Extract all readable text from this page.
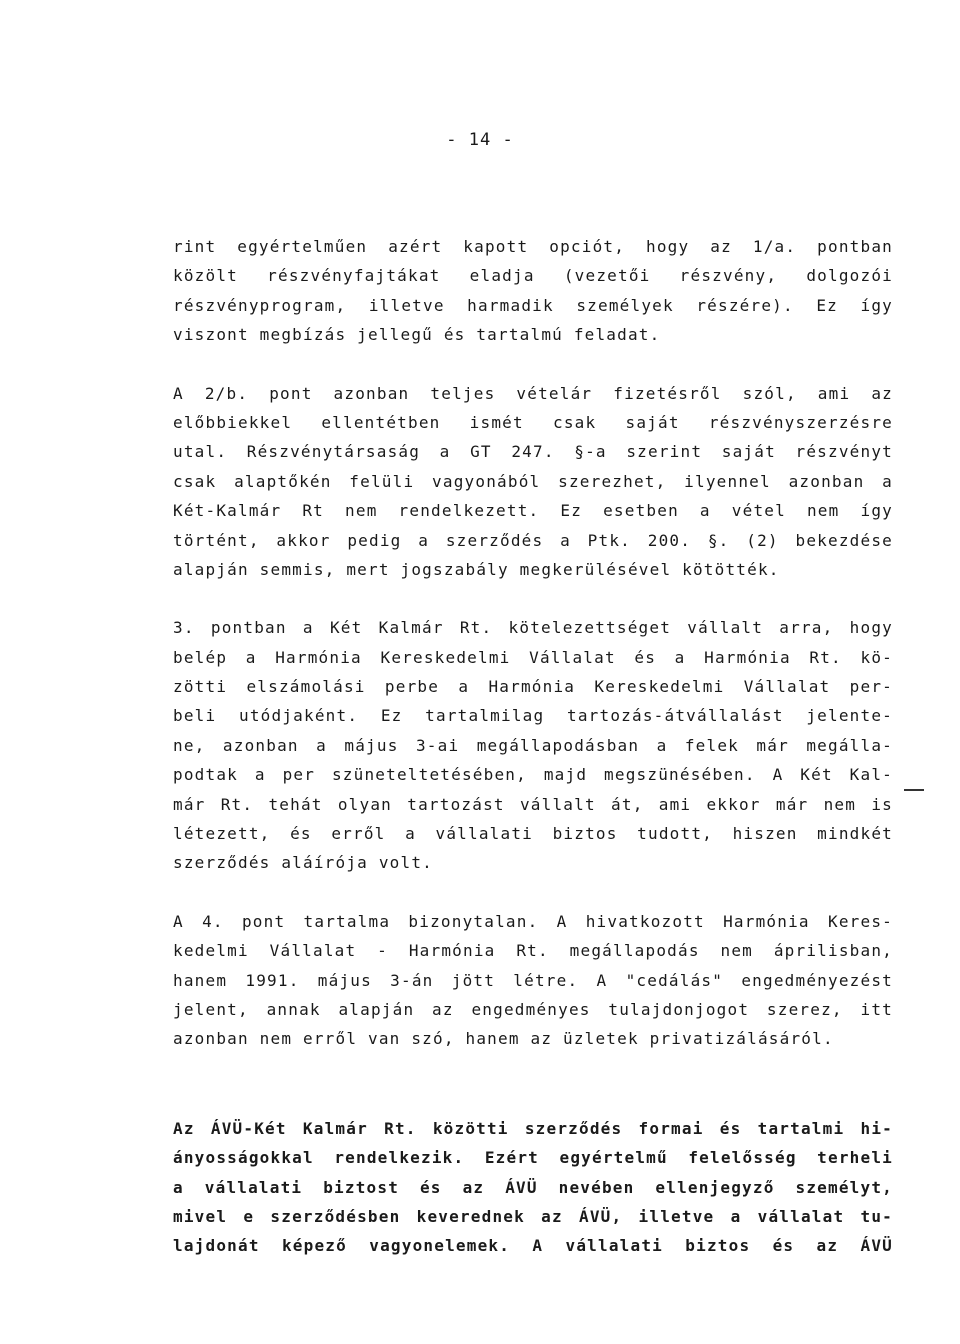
- 14 -
rint egyértelműen azért kapott opciót, hogy az 1/a. pontban
közölt részvényfajtákat eladja (vezetői részvény, dolgozói
részvényprogram, illetve harmadik személyek részére). Ez így
viszont megbízás jellegű és tartalmú feladat.
A 2/b. pont azonban teljes vételár fizetésről szól, ami az
előbbiekkel ellentétben ismét csak saját részvényszerzésre
utal. Részvénytársaság a GT 247. §-a szerint saját részvényt
csak alaptőkén felüli vagyonából szerezhet, ilyennel azonban a
Két-Kalmár Rt nem rendelkezett. Ez esetben a vétel nem így
történt, akkor pedig a szerződés a Ptk. 200. §. (2) bekezdése
alapján semmis, mert jogszabály megkerülésével kötötték.
3. pontban a Két Kalmár Rt. kötelezettséget vállalt arra, hogy
belép a Harmónia Kereskedelmi Vállalat és a Harmónia Rt. kö-
zötti elszámolási perbe a Harmónia Kereskedelmi Vállalat per-
beli utódjaként. Ez tartalmilag tartozás-átvállalást jelente-
ne, azonban a május 3-ai megállapodásban a felek már megálla-
podtak a per szüneteltetésében, majd megszünésében. A Két Kal-
már Rt. tehát olyan tartozást vállalt át, ami ekkor már nem is
létezett, és erről a vállalati biztos tudott, hiszen mindkét
szerződés aláírója volt.
A 4. pont tartalma bizonytalan. A hivatkozott Harmónia Keres-
kedelmi Vállalat - Harmónia Rt. megállapodás nem áprilisban,
hanem 1991. május 3-án jött létre. A "cedálás" engedményezést
jelent, annak alapján az engedményes tulajdonjogot szerez, itt
azonban nem erről van szó, hanem az üzletek privatizálásáról.
Az ÁVÜ-Két Kalmár Rt. közötti szerződés formai és tartalmi hi-
ányosságokkal rendelkezik. Ezért egyértelmű felelősség terheli
a vállalati biztost és az ÁVÜ nevében ellenjegyző személyt,
mivel e szerződésben keverednek az ÁVÜ, illetve a vállalat tu-
lajdonát képező vagyonelemek. A vállalati biztos és az ÁVÜ
